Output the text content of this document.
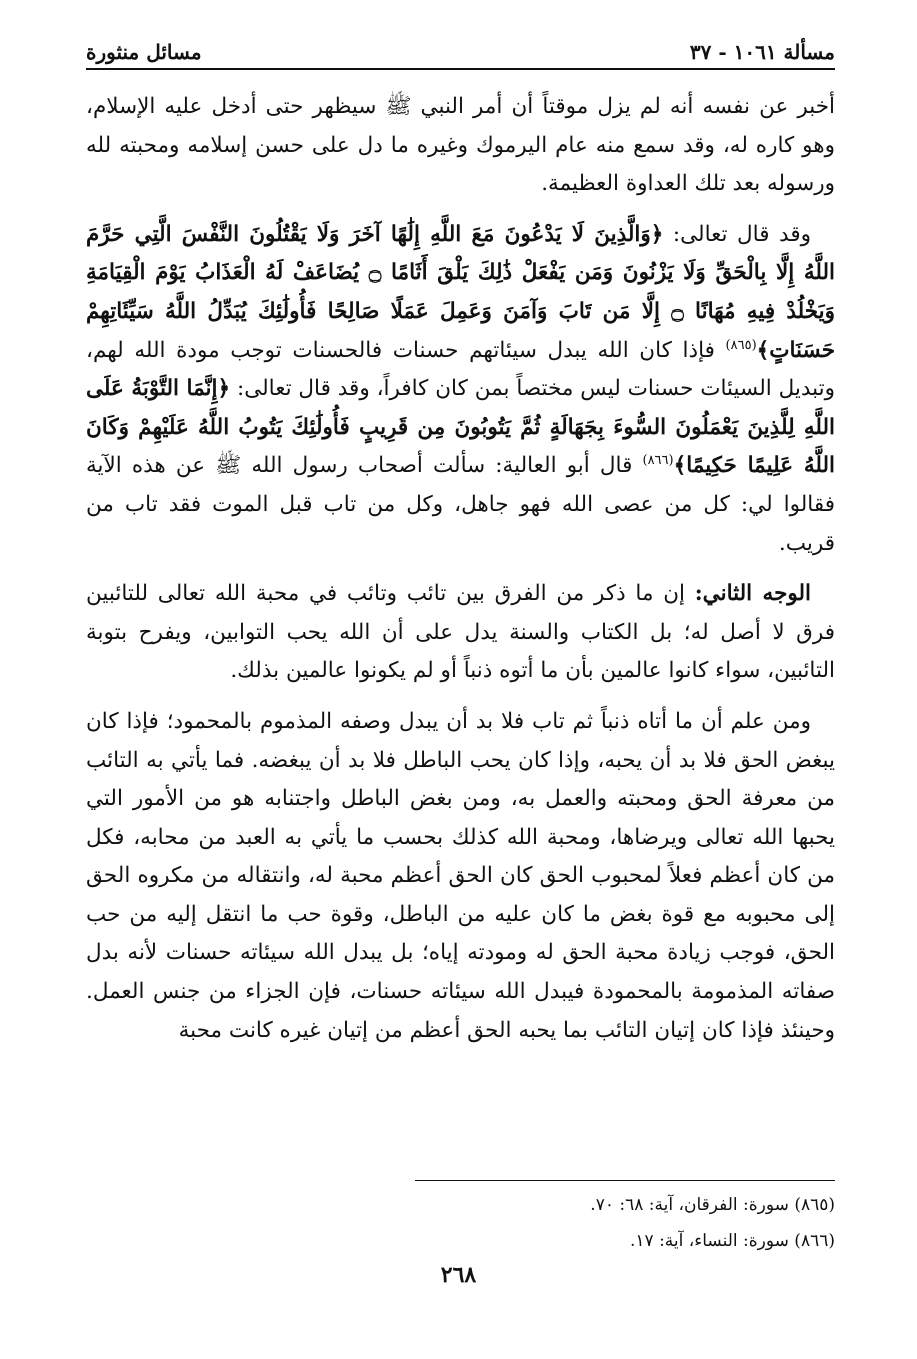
مسألة ١٠٦١ - ٣٧
مسائل منثورة

أخبر عن نفسه أنه لم يزل موقتاً أن أمر النبي ﷺ سيظهر حتى أدخل عليه الإسلام، وهو كاره له، وقد سمع منه عام اليرموك وغيره ما دل على حسن إسلامه ومحبته لله ورسوله بعد تلك العداوة العظيمة.

وقد قال تعالى: ﴿وَالَّذِينَ لَا يَدْعُونَ مَعَ اللَّهِ إِلَٰهًا آخَرَ وَلَا يَقْتُلُونَ النَّفْسَ الَّتِي حَرَّمَ اللَّهُ إِلَّا بِالْحَقِّ وَلَا يَزْنُونَ وَمَن يَفْعَلْ ذَٰلِكَ يَلْقَ أَثَامًا ۝ يُضَاعَفْ لَهُ الْعَذَابُ يَوْمَ الْقِيَامَةِ وَيَخْلُدْ فِيهِ مُهَانًا ۝ إِلَّا مَن تَابَ وَآمَنَ وَعَمِلَ عَمَلًا صَالِحًا فَأُولَٰئِكَ يُبَدِّلُ اللَّهُ سَيِّئَاتِهِمْ حَسَنَاتٍ﴾$^{(٨٦٥)}$ فإذا كان الله يبدل سيئاتهم حسنات فالحسنات توجب مودة الله لهم، وتبديل السيئات حسنات ليس مختصاً بمن كان كافراً، وقد قال تعالى: ﴿إِنَّمَا التَّوْبَةُ عَلَى اللَّهِ لِلَّذِينَ يَعْمَلُونَ السُّوءَ بِجَهَالَةٍ ثُمَّ يَتُوبُونَ مِن قَرِيبٍ فَأُولَٰئِكَ يَتُوبُ اللَّهُ عَلَيْهِمْ وَكَانَ اللَّهُ عَلِيمًا حَكِيمًا﴾$^{(٨٦٦)}$ قال أبو العالية: سألت أصحاب رسول الله ﷺ عن هذه الآية فقالوا لي: كل من عصى الله فهو جاهل، وكل من تاب قبل الموت فقد تاب من قريب.

الوجه الثاني: إن ما ذكر من الفرق بين تائب وتائب في محبة الله تعالى للتائبين فرق لا أصل له؛ بل الكتاب والسنة يدل على أن الله يحب التوابين، ويفرح بتوبة التائبين، سواء كانوا عالمين بأن ما أتوه ذنباً أو لم يكونوا عالمين بذلك.

ومن علم أن ما أتاه ذنباً ثم تاب فلا بد أن يبدل وصفه المذموم بالمحمود؛ فإذا كان يبغض الحق فلا بد أن يحبه، وإذا كان يحب الباطل فلا بد أن يبغضه. فما يأتي به التائب من معرفة الحق ومحبته والعمل به، ومن بغض الباطل واجتنابه هو من الأمور التي يحبها الله تعالى ويرضاها، ومحبة الله كذلك بحسب ما يأتي به العبد من محابه، فكل من كان أعظم فعلاً لمحبوب الحق كان الحق أعظم محبة له، وانتقاله من مكروه الحق إلى محبوبه مع قوة بغض ما كان عليه من الباطل، وقوة حب ما انتقل إليه من حب الحق، فوجب زيادة محبة الحق له ومودته إياه؛ بل يبدل الله سيئاته حسنات لأنه بدل صفاته المذمومة بالمحمودة فيبدل الله سيئاته حسنات، فإن الجزاء من جنس العمل. وحينئذ فإذا كان إتيان التائب بما يحبه الحق أعظم من إتيان غيره كانت محبة

(٨٦٥) سورة: الفرقان، آية: ٦٨: ٧٠.
(٨٦٦) سورة: النساء، آية: ١٧.
٢٦٨
